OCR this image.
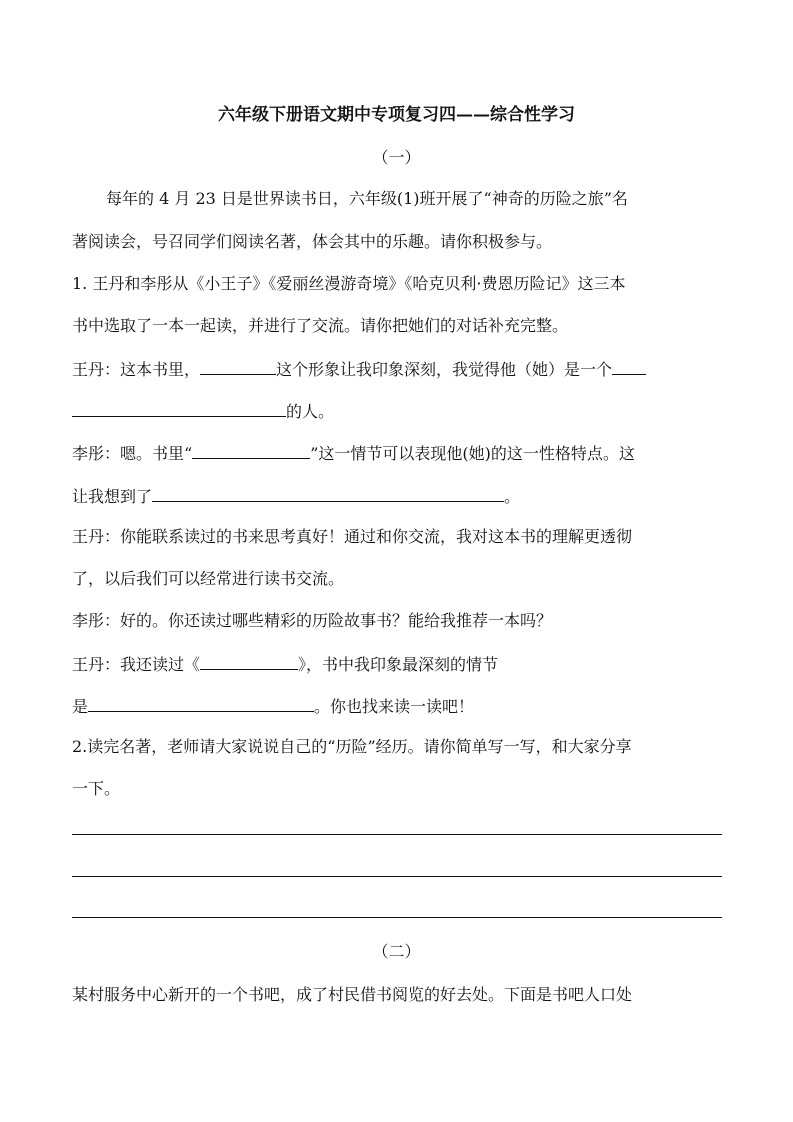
六年级下册语文期中专项复习四——综合性学习
（一）
每年的 4 月 23 日是世界读书日，六年级(1)班开展了“神奇的历险之旅”名
著阅读会，号召同学们阅读名著，体会其中的乐趣。请你积极参与。
1. 王丹和李彤从《小王子》《爱丽丝漫游奇境》《哈克贝利·费恩历险记》这三本
书中选取了一本一起读，并进行了交流。请你把她们的对话补充完整。
王丹：这本书里，	这个形象让我印象深刻，我觉得他（她）是一个
的人。
李彤：嗯。书里“	”这一情节可以表现他(她)的这一性格特点。这
让我想到了	。
王丹：你能联系读过的书来思考真好！通过和你交流，我对这本书的理解更透彻
了，以后我们可以经常进行读书交流。
李彤：好的。你还读过哪些精彩的历险故事书？能给我推荐一本吗？
王丹：我还读过《	》，书中我印象最深刻的情节
是	。你也找来读一读吧！
2.读完名著，老师请大家说说自己的“历险”经历。请你简单写一写，和大家分享
一下。
（二）
某村服务中心新开的一个书吧，成了村民借书阅览的好去处。下面是书吧人口处
